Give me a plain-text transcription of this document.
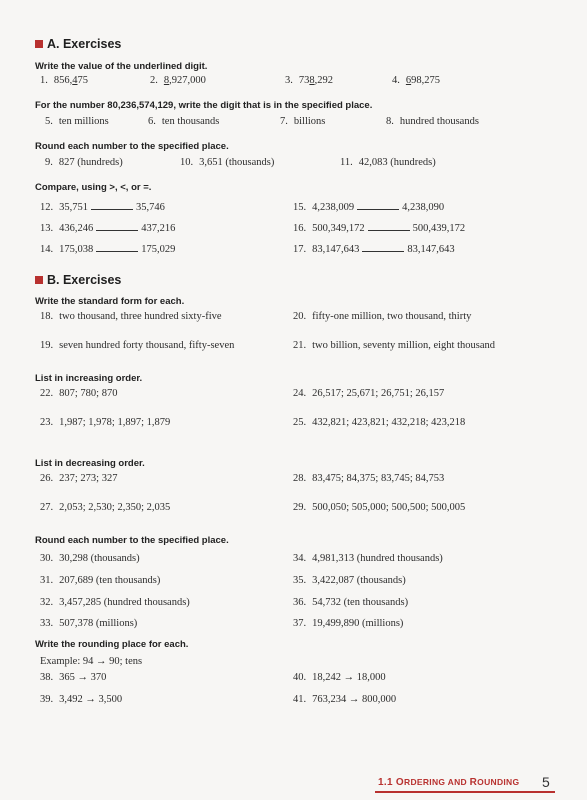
A. Exercises
Write the value of the underlined digit.
1. 856,475	2. 8,927,000	3. 738,292	4. 698,275
For the number 80,236,574,129, write the digit that is in the specified place.
5. ten millions	6. ten thousands	7. billions	8. hundred thousands
Round each number to the specified place.
9. 827 (hundreds)	10. 3,651 (thousands)	11. 42,083 (hundreds)
Compare, using >, <, or =.
12. 35,751	35,746
13. 436,246	437,216
14. 175,038	175,029
15. 4,238,009	4,238,090
16. 500,349,172	500,439,172
17. 83,147,643	83,147,643
B. Exercises
Write the standard form for each.
18. two thousand, three hundred sixty-five
19. seven hundred forty thousand, fifty-seven
20. fifty-one million, two thousand, thirty
21. two billion, seventy million, eight thousand
List in increasing order.
22. 807; 780; 870
23. 1,987; 1,978; 1,897; 1,879
24. 26,517; 25,671; 26,751; 26,157
25. 432,821; 423,821; 432,218; 423,218
List in decreasing order.
26. 237; 273; 327
27. 2,053; 2,530; 2,350; 2,035
28. 83,475; 84,375; 83,745; 84,753
29. 500,050; 505,000; 500,500; 500,005
Round each number to the specified place.
30. 30,298 (thousands)
31. 207,689 (ten thousands)
32. 3,457,285 (hundred thousands)
33. 507,378 (millions)
34. 4,981,313 (hundred thousands)
35. 3,422,087 (thousands)
36. 54,732 (ten thousands)
37. 19,499,890 (millions)
Write the rounding place for each.
Example: 94 → 90; tens
38. 365 → 370
39. 3,492 → 3,500
40. 18,242 → 18,000
41. 763,234 → 800,000
1.1 ORDERING AND ROUNDING 5
